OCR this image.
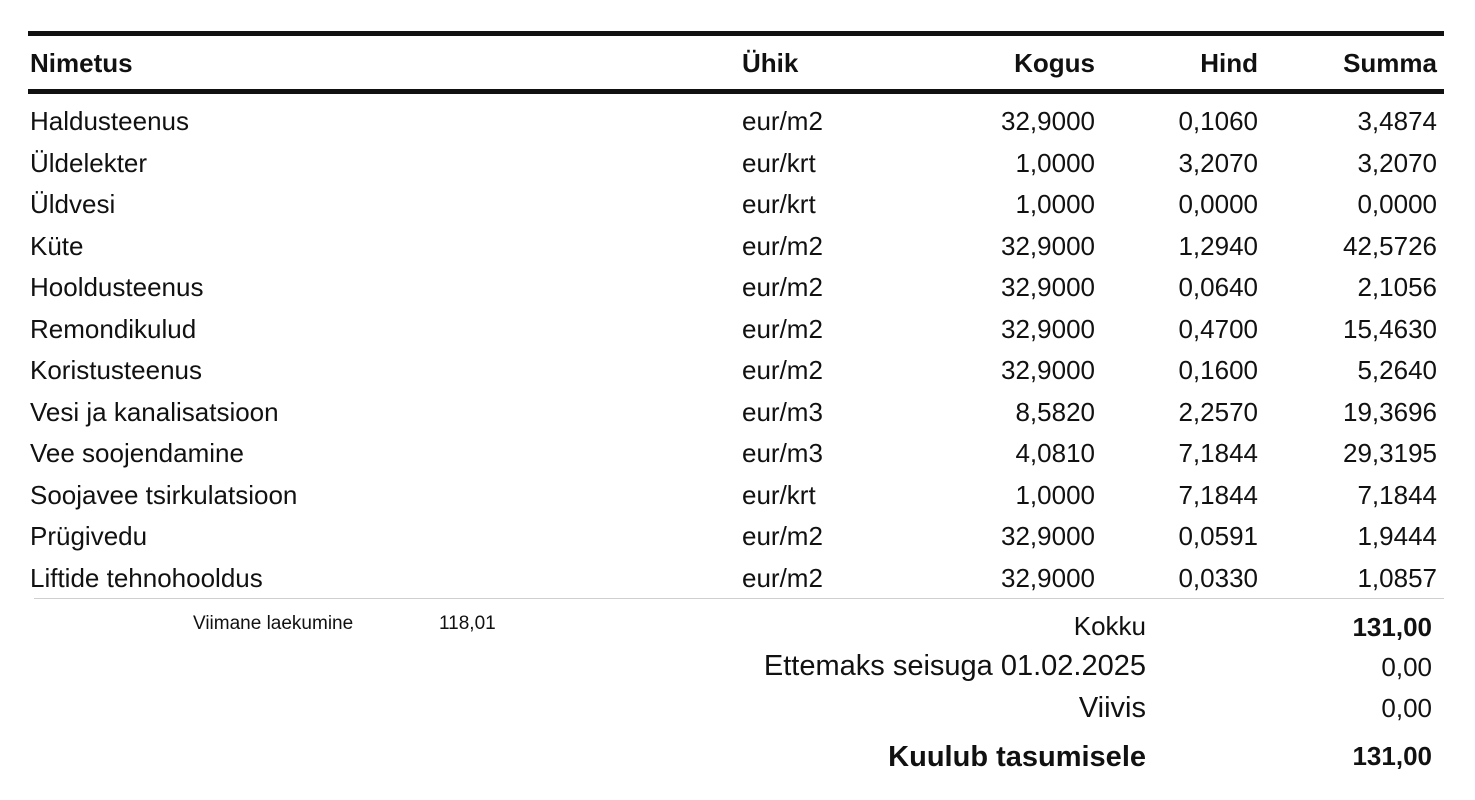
Nimetus	Ühik	Kogus	Hind	Summa
Haldusteenus	eur/m2	32,9000	0,1060	3,4874
Üldelekter	eur/krt	1,0000	3,2070	3,2070
Üldvesi	eur/krt	1,0000	0,0000	0,0000
Küte	eur/m2	32,9000	1,2940	42,5726
Hooldusteenus	eur/m2	32,9000	0,0640	2,1056
Remondikulud	eur/m2	32,9000	0,4700	15,4630
Koristusteenus	eur/m2	32,9000	0,1600	5,2640
Vesi ja kanalisatsioon	eur/m3	8,5820	2,2570	19,3696
Vee soojendamine	eur/m3	4,0810	7,1844	29,3195
Soojavee tsirkulatsioon	eur/krt	1,0000	7,1844	7,1844
Prügivedu	eur/m2	32,9000	0,0591	1,9444
Liftide tehnohooldus	eur/m2	32,9000	0,0330	1,0857
Viimane laekumine	118,01	Kokku	131,00
Ettemaks seisuga 01.02.2025	0,00
Viivis	0,00
Kuulub tasumisele	131,00
